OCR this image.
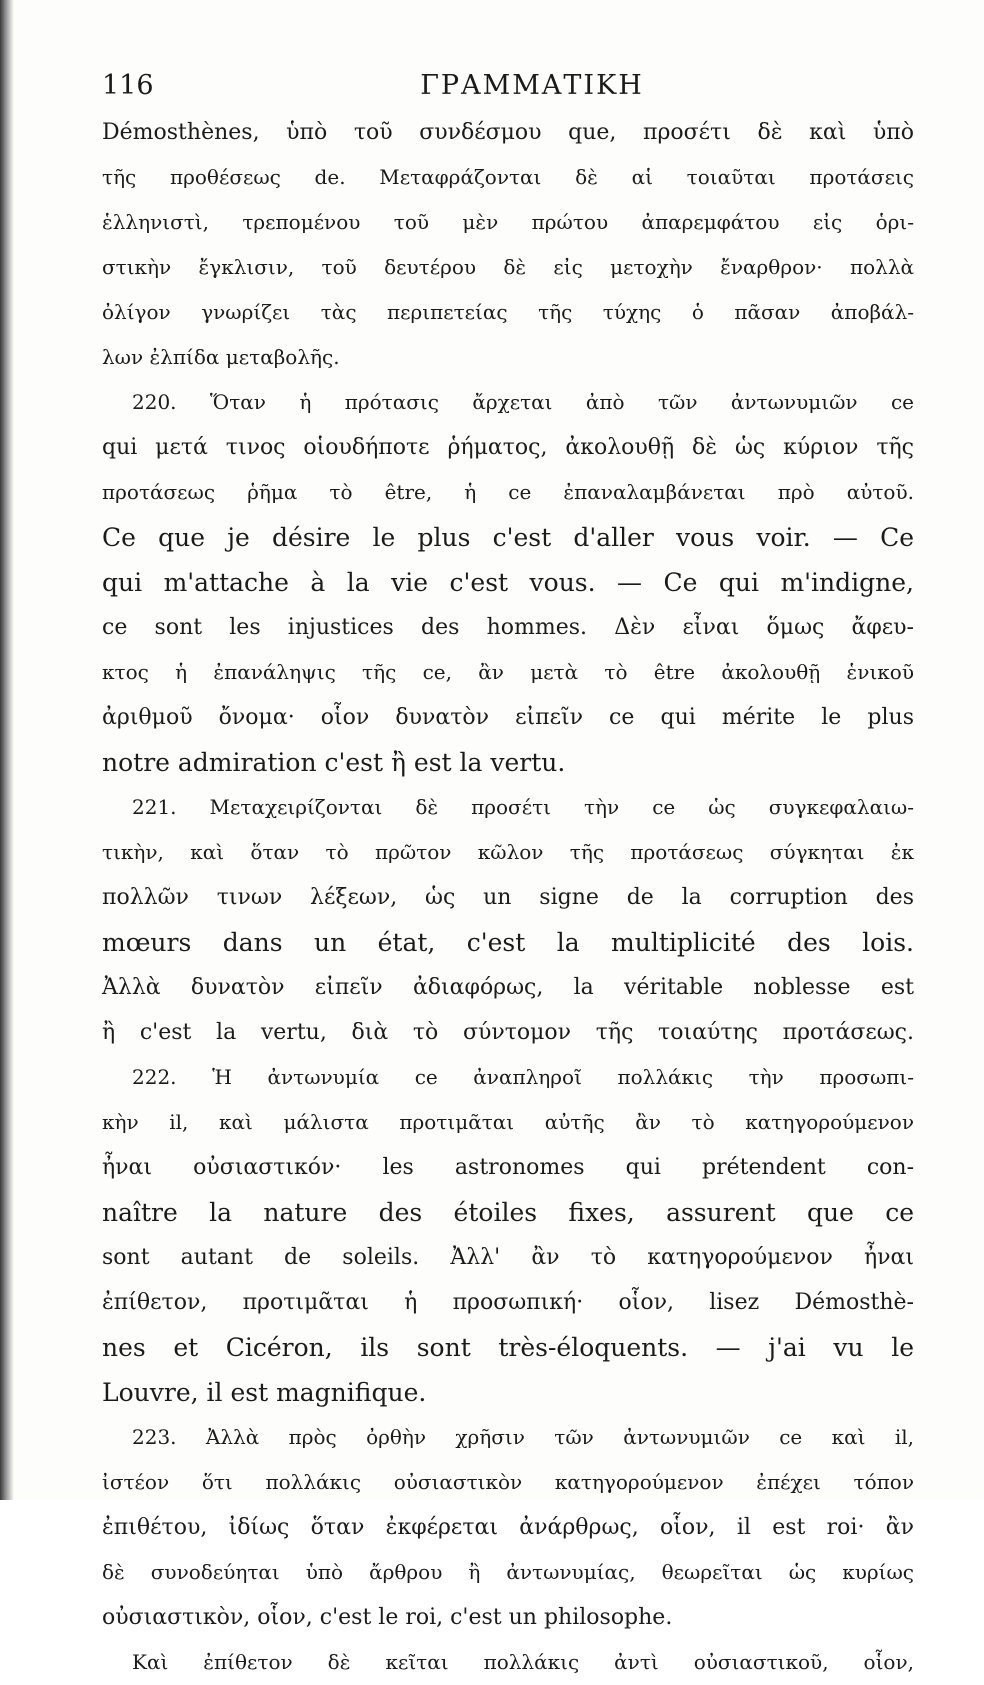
116	ΓΡΑΜΜΑΤΙΚΗ
Démosthènes, ὑπὸ τοῦ συνδέσμου que, προσέτι δὲ καὶ ὑπὸ
τῆς προθέσεως de. Μεταφράζονται δὲ αἱ τοιαῦται προτάσεις
ἑλληνιστὶ, τρεπομένου τοῦ μὲν πρώτου ἀπαρεμφάτου εἰς ὁρι-
στικὴν ἔγκλισιν, τοῦ δευτέρου δὲ εἰς μετοχὴν ἔναρθρον· πολλὰ
ὀλίγον γνωρίζει τὰς περιπετείας τῆς τύχης ὁ πᾶσαν ἀποβάλ-
λων ἐλπίδα μεταβολῆς.
220. Ὅταν ἡ πρότασις ἄρχεται ἀπὸ τῶν ἀντωνυμιῶν ce
qui μετά τινος οἱουδήποτε ῥήματος, ἀκολουθῇ δὲ ὡς κύριον τῆς
προτάσεως ῥῆμα τὸ être, ἡ ce ἐπαναλαμβάνεται πρὸ αὐτοῦ.
Ce que je désire le plus c'est d'aller vous voir. — Ce
qui m'attache à la vie c'est vous. — Ce qui m'indigne,
ce sont les injustices des hommes. Δὲν εἶναι ὅμως ἄφευ-
κτος ἡ ἐπανάληψις τῆς ce, ἂν μετὰ τὸ être ἀκολουθῇ ἑνικοῦ
ἀριθμοῦ ὄνομα· οἷον δυνατὸν εἰπεῖν ce qui mérite le plus
notre admiration c'est ἢ est la vertu.
221. Μεταχειρίζονται δὲ προσέτι τὴν ce ὡς συγκεφαλαιω-
τικὴν, καὶ ὅταν τὸ πρῶτον κῶλον τῆς προτάσεως σύγκηται ἐκ
πολλῶν τινων λέξεων, ὡς un signe de la corruption des
mœurs dans un état, c'est la multiplicité des lois.
Ἀλλὰ δυνατὸν εἰπεῖν ἀδιαφόρως, la véritable noblesse est
ἢ c'est la vertu, διὰ τὸ σύντομον τῆς τοιαύτης προτάσεως.
222. Ἡ ἀντωνυμία ce ἀναπληροῖ πολλάκις τὴν προσωπι-
κὴν il, καὶ μάλιστα προτιμᾶται αὐτῆς ἂν τὸ κατηγορούμενον
ἦναι οὐσιαστικόν· les astronomes qui prétendent con-
naître la nature des étoiles fixes, assurent que ce
sont autant de soleils. Ἀλλ' ἂν τὸ κατηγορούμενον ἦναι
ἐπίθετον, προτιμᾶται ἡ προσωπική· οἷον, lisez Démosthè-
nes et Cicéron, ils sont très-éloquents. — j'ai vu le
Louvre, il est magnifique.
223. Ἀλλὰ πρὸς ὀρθὴν χρῆσιν τῶν ἀντωνυμιῶν ce καὶ il,
ἰστέον ὅτι πολλάκις οὐσιαστικὸν κατηγορούμενον ἐπέχει τόπον
ἐπιθέτου, ἰδίως ὅταν ἐκφέρεται ἀνάρθρως, οἷον, il est roi· ἂν
δὲ συνοδεύηται ὑπὸ ἄρθρου ἢ ἀντωνυμίας, θεωρεῖται ὡς κυρίως
οὐσιαστικὸν, οἷον, c'est le roi, c'est un philosophe.
Καὶ ἐπίθετον δὲ κεῖται πολλάκις ἀντὶ οὐσιαστικοῦ, οἷον,
